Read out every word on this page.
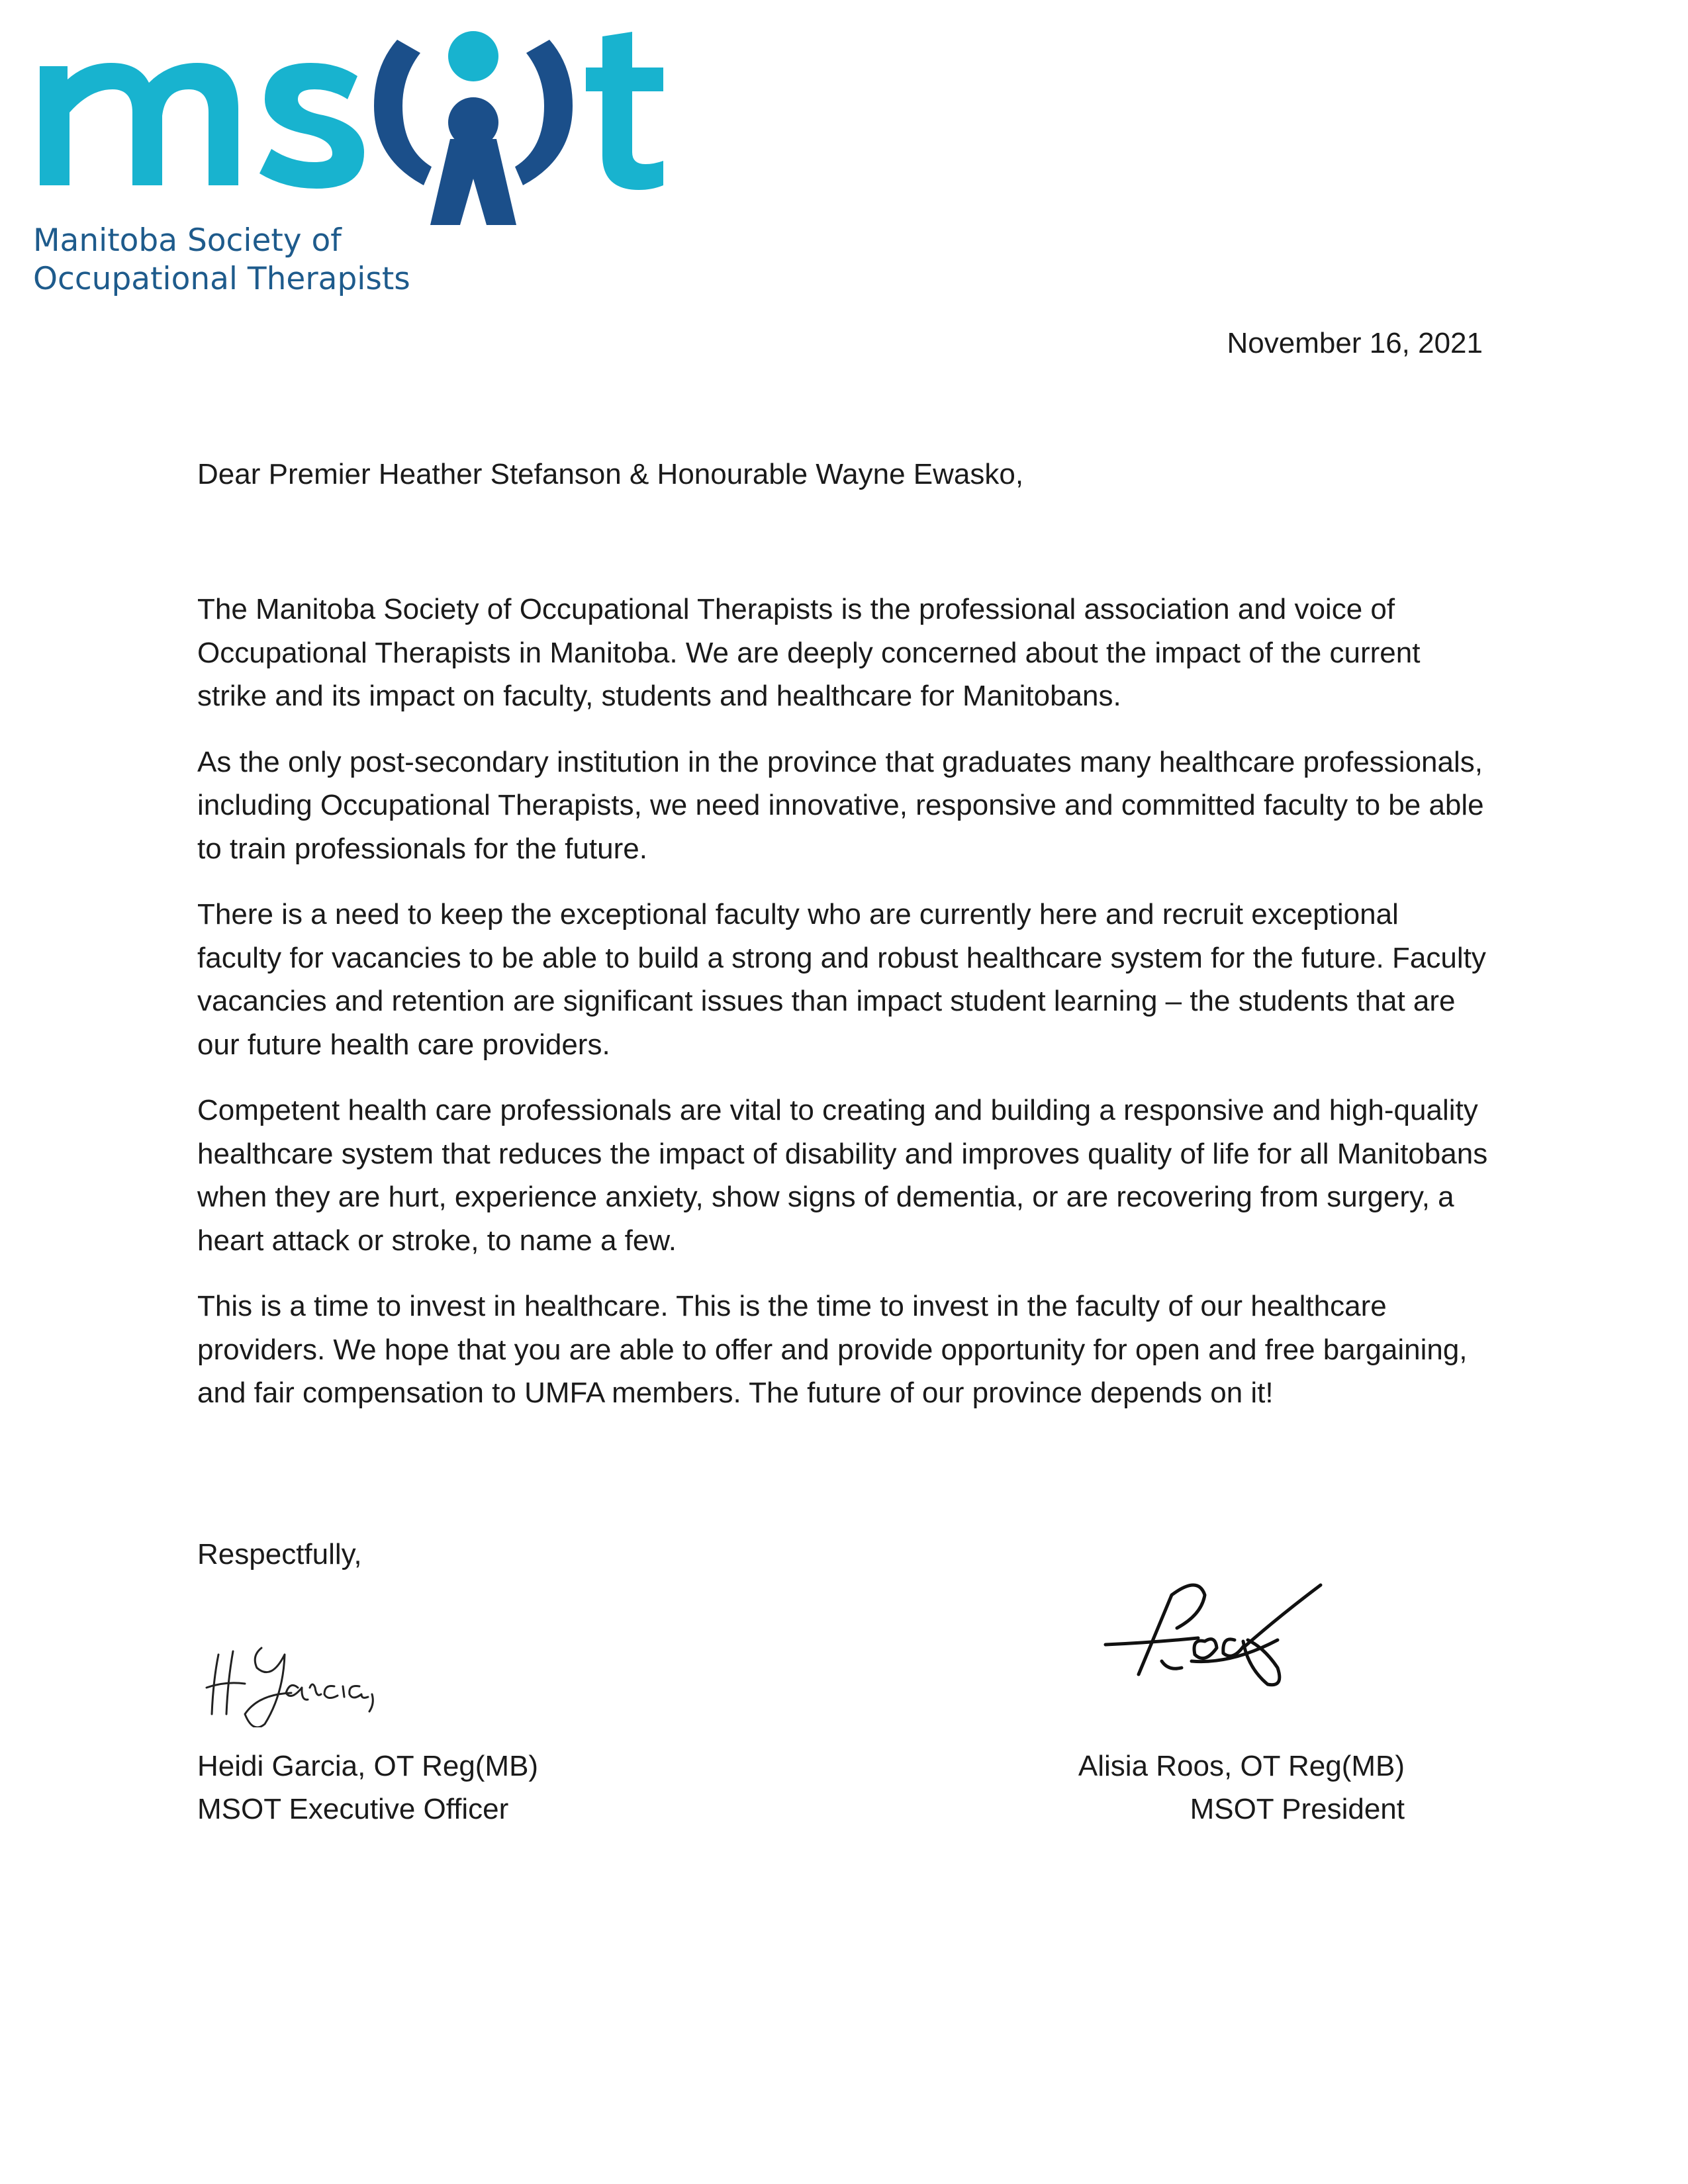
Manitoba Society of
Occupational Therapists
November 16, 2021
Dear Premier Heather Stefanson & Honourable Wayne Ewasko,

The Manitoba Society of Occupational Therapists is the professional association and voice of Occupational Therapists in Manitoba. We are deeply concerned about the impact of the current strike and its impact on faculty, students and healthcare for Manitobans.

As the only post-secondary institution in the province that graduates many healthcare professionals, including Occupational Therapists, we need innovative, responsive and committed faculty to be able to train professionals for the future.

There is a need to keep the exceptional faculty who are currently here and recruit exceptional faculty for vacancies to be able to build a strong and robust healthcare system for the future. Faculty vacancies and retention are significant issues than impact student learning – the students that are our future health care providers.

Competent health care professionals are vital to creating and building a responsive and high-quality healthcare system that reduces the impact of disability and improves quality of life for all Manitobans when they are hurt, experience anxiety, show signs of dementia, or are recovering from surgery, a heart attack or stroke, to name a few.

This is a time to invest in healthcare. This is the time to invest in the faculty of our healthcare providers. We hope that you are able to offer and provide opportunity for open and free bargaining, and fair compensation to UMFA members. The future of our province depends on it!

Respectfully,
Heidi Garcia, OT Reg(MB)
MSOT Executive Officer
Alisia Roos, OT Reg(MB)
MSOT President
